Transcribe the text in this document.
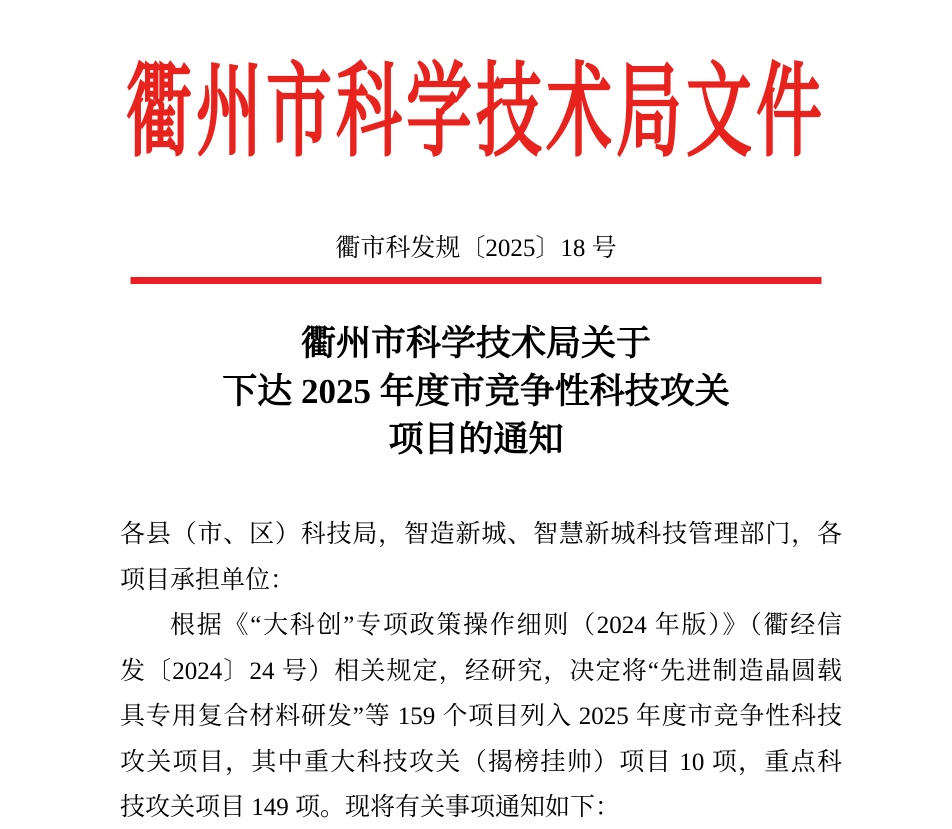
衢州市科学技术局文件
衢市科发规〔2025〕18 号
衢州市科学技术局关于
下达 2025 年度市竞争性科技攻关
项目的通知
各县（市、区）科技局，智造新城、智慧新城科技管理部门，各
项目承担单位：
根据《“大科创”专项政策操作细则（2024 年版）》（衢经信
发〔2024〕24 号）相关规定，经研究，决定将“先进制造晶圆载
具专用复合材料研发”等 159 个项目列入 2025 年度市竞争性科技
攻关项目，其中重大科技攻关（揭榜挂帅）项目 10 项，重点科
技攻关项目 149 项。现将有关事项通知如下：
